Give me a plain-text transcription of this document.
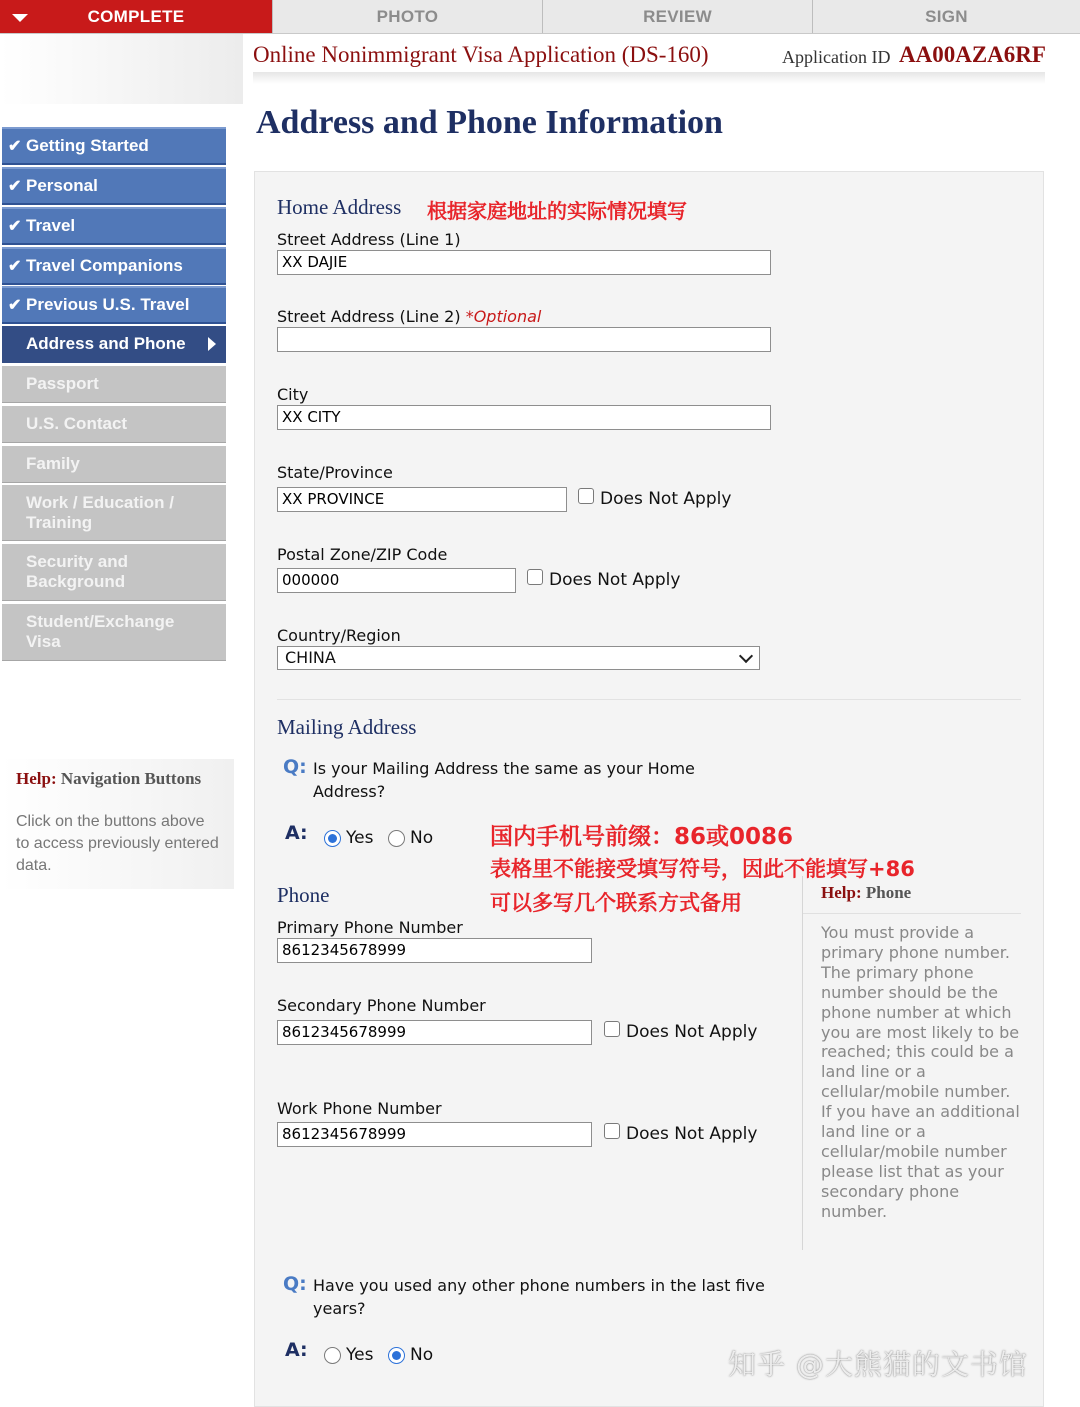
COMPLETE	PHOTO	REVIEW	SIGN
Online Nonimmigrant Visa Application (DS-160)	Application ID AA00AZA6RF
Address and Phone Information
✔ Getting Started
✔ Personal
✔ Travel
✔ Travel Companions
✔ Previous U.S. Travel
Address and Phone
Passport
U.S. Contact
Family
Work / Education /
Training
Security and
Background
Student/Exchange
Visa
Help: Navigation Buttons
Click on the buttons above to access previously entered data.
Home Address 根据家庭地址的实际情况填写
Street Address (Line 1)
XX DAJIE
Street Address (Line 2) *Optional
City
XX CITY
State/Province
XX PROVINCE	Does Not Apply
Postal Zone/ZIP Code
000000	Does Not Apply
Country/Region
CHINA
Mailing Address
Q: Is your Mailing Address the same as your Home Address?
A: Yes No 国内手机号前缀：86或0086
表格里不能接受填写符号，因此不能填写+86
可以多写几个联系方式备用
Phone
Primary Phone Number
8612345678999
Secondary Phone Number
8612345678999	Does Not Apply
Work Phone Number
8612345678999	Does Not Apply
Help: Phone
You must provide a primary phone number. The primary phone number should be the phone number at which you are most likely to be reached; this could be a land line or a cellular/mobile number. If you have an additional land line or a cellular/mobile number please list that as your secondary phone number.
Q: Have you used any other phone numbers in the last five years?
A: Yes No	知乎 @大熊猫的文书馆
